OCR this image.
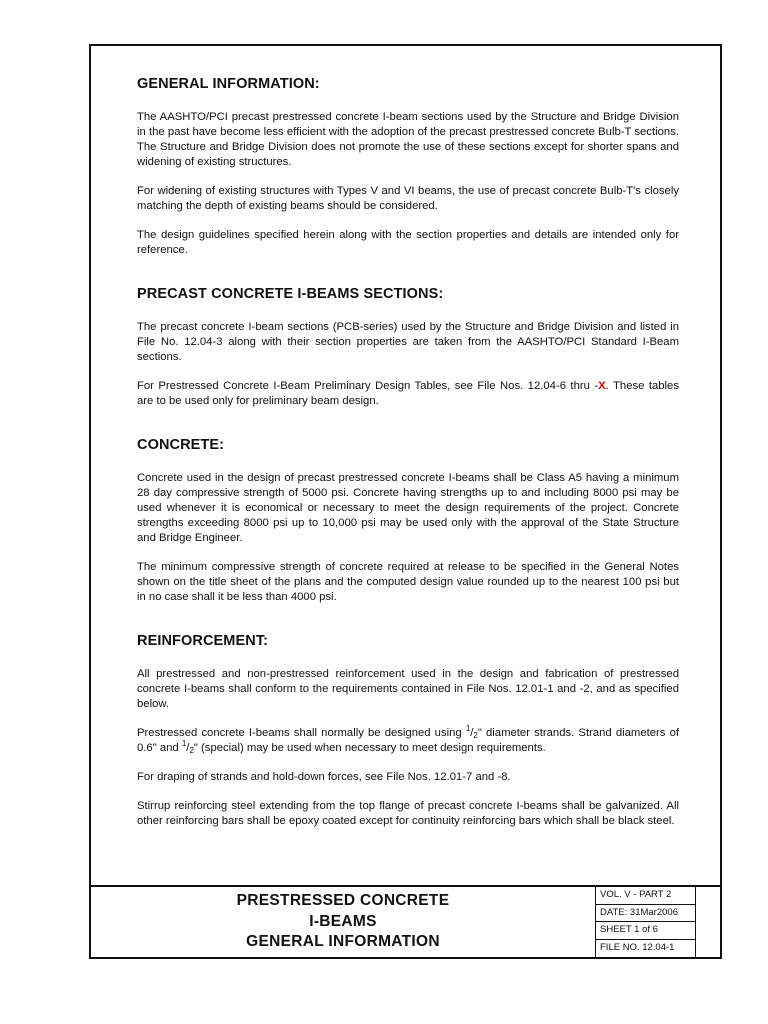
GENERAL INFORMATION:

The AASHTO/PCI precast prestressed concrete I-beam sections used by the Structure and Bridge Division in the past have become less efficient with the adoption of the precast prestressed concrete Bulb-T sections. The Structure and Bridge Division does not promote the use of these sections except for shorter spans and widening of existing structures.

For widening of existing structures with Types V and VI beams, the use of precast concrete Bulb-T's closely matching the depth of existing beams should be considered.

The design guidelines specified herein along with the section properties and details are intended only for reference.

PRECAST CONCRETE I-BEAMS SECTIONS:

The precast concrete I-beam sections (PCB-series) used by the Structure and Bridge Division and listed in File No. 12.04-3 along with their section properties are taken from the AASHTO/PCI Standard I-Beam sections.

For Prestressed Concrete I-Beam Preliminary Design Tables, see File Nos. 12.04-6 thru -X. These tables are to be used only for preliminary beam design.

CONCRETE:

Concrete used in the design of precast prestressed concrete I-beams shall be Class A5 having a minimum 28 day compressive strength of 5000 psi. Concrete having strengths up to and including 8000 psi may be used whenever it is economical or necessary to meet the design requirements of the project. Concrete strengths exceeding 8000 psi up to 10,000 psi may be used only with the approval of the State Structure and Bridge Engineer.

The minimum compressive strength of concrete required at release to be specified in the General Notes shown on the title sheet of the plans and the computed design value rounded up to the nearest 100 psi but in no case shall it be less than 4000 psi.

REINFORCEMENT:

All prestressed and non-prestressed reinforcement used in the design and fabrication of prestressed concrete I-beams shall conform to the requirements contained in File Nos. 12.01-1 and -2, and as specified below.

Prestressed concrete I-beams shall normally be designed using $^1/_2$" diameter strands. Strand diameters of 0.6" and $^1/_2$" (special) may be used when necessary to meet design requirements.

For draping of strands and hold-down forces, see File Nos. 12.01-7 and -8.

Stirrup reinforcing steel extending from the top flange of precast concrete I-beams shall be galvanized. All other reinforcing bars shall be epoxy coated except for continuity reinforcing bars which shall be black steel.

PRESTRESSED CONCRETE
I-BEAMS
GENERAL INFORMATION
VOL. V - PART 2
DATE: 31Mar2006
SHEET 1 of 6
FILE NO. 12.04-1
